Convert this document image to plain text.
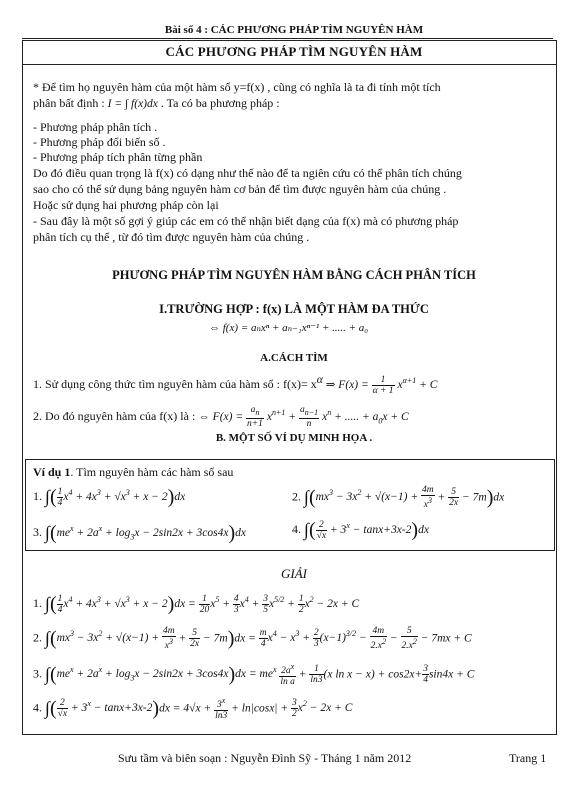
Bài số 4 : CÁC PHƯƠNG PHÁP TÌM NGUYÊN HÀM
CÁC PHƯƠNG PHÁP TÌM NGUYÊN HÀM
* Để tìm họ nguyên hàm của một hàm số y=f(x) , cũng có nghĩa là ta đi tính một tích
phân bất định : I = ∫ f(x)dx . Ta có ba phương pháp :
- Phương pháp phân tích .
- Phương pháp đổi biến số .
- Phương pháp tích phân từng phần
Do đó điều quan trọng là f(x) có dạng như thế nào để ta ngiên cứu có thể phân tích chúng
sao cho có thể sử dụng bảng nguyên hàm cơ bản để tìm được nguyên hàm của chúng .
Hoặc sử dụng hai phương pháp còn lại
- Sau đây là một số gợi ý giúp các em có thể nhận biết dạng của f(x) mà có phương pháp
phân tích cụ thể , từ đó tìm được nguyên hàm của chúng .
PHƯƠNG PHÁP TÌM NGUYÊN HÀM BẰNG CÁCH PHÂN TÍCH
I.TRƯỜNG HỢP : f(x) LÀ MỘT HÀM ĐA THỨC
⇔ f(x) = aₙxⁿ + aₙ₋₁xⁿ⁻¹ + ..... + a₀
A.CÁCH TÌM
1. Sử dụng công thức tìm nguyên hàm của hàm số : $f(x)= x^\alpha$ ⇒ $F(x) = \frac{1}{\alpha + 1} x^{\alpha+1} + C$
2. Do đó nguyên hàm của f(x) là : ⇔ $F(x) = \frac{a_n}{n+1} x^{n+1} + \frac{a_{n-1}}{n} x^n$ + ..... + $a_0x + C$
B. MỘT SỐ VÍ DỤ MINH HỌA .
Ví dụ 1. Tìm nguyên hàm các hàm số sau
1. ∫( $\frac{1}{4} x^4 + 4x^3 + √x^3 + x - 2)dx$	2. $\int(mx^3 - 3x^2 + √(x-1) + \frac{4m}{x^3} + \frac{5}{2x} - 7m)dx$
3. $\int(me^x + 2a^x + \log_3x - 2\sin 2x + 3\cos 4x)dx$	4. ∫( $\frac{2}{√x} + 3^x - \tan x+3x-2)dx$
GIẢI
1. ∫( $\frac{1}{4} x^4 + 4x^3 + √x^3 + x - 2)dx = \frac{1}{20} x^5 + \frac{4}{3} x^4 + \frac{3}{5} x^{5/2} + \frac{1}{2} x^2 - 2x + C$
2. $\int(mx^3 - 3x^2 + √(x-1) + \frac{4m}{x^3} + \frac{5}{2x} - 7m)dx = \frac{m}{4} x^4 - x^3 + \frac{2}{3} (x-1)^{3/2} - \frac{4m}{2.x^2} - \frac{5}{2.x^2} - 7mx + C$
3. $\int(me^x + 2a^x + \log_3x - 2\sin 2x + 3\cos 4x)dx = me^x \frac{2a^x}{\text{ln a}} + \frac{1}{\ln 3} (x$ $\ln x - x) + \cos 2x+ \frac{3}{4} \sin 4x + C$
4. ∫( $\frac{2}{√x} + 3^x - \tan x+3x-2)dx = 4√x + \frac{3^x}{\ln 3} + \ln|\cos x| + \frac{3}{2} x^2 - 2x + C$
Sưu tầm và biên soạn : Nguyễn Đình Sỹ - Tháng 1 năm 2012	Trang 1
